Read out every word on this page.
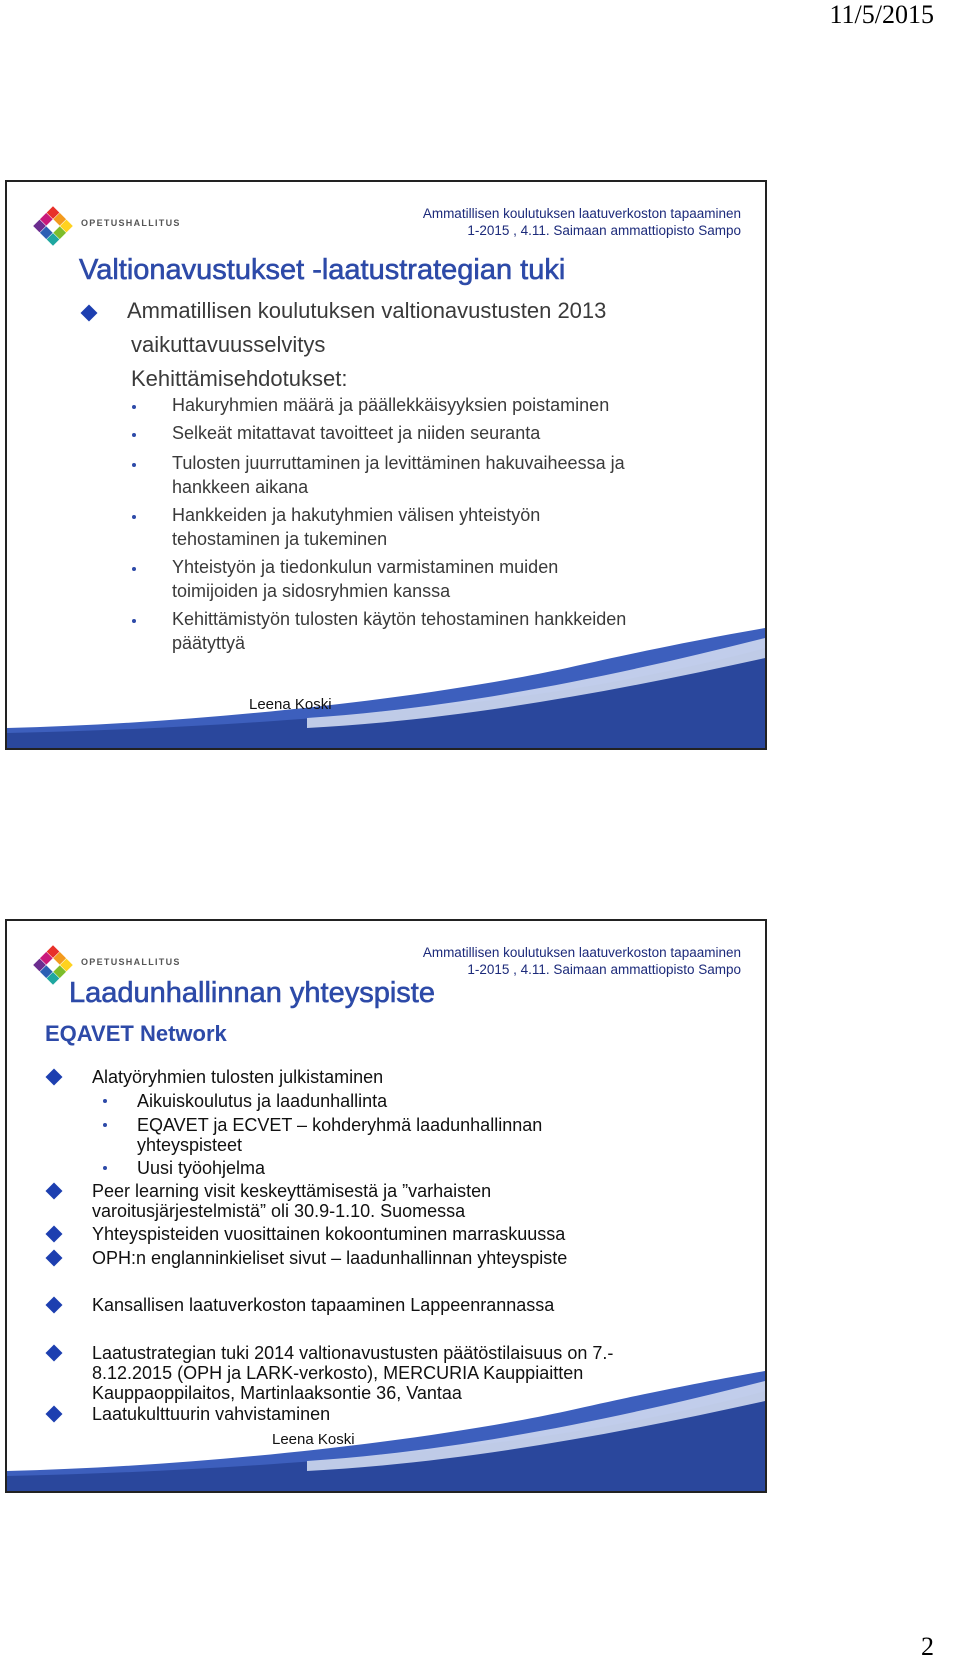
11/5/2015
OPETUSHALLITUS
Ammatillisen koulutuksen laatuverkoston tapaaminen
1-2015 , 4.11. Saimaan ammattiopisto Sampo
Valtionavustukset -laatustrategian tuki
Ammatillisen koulutuksen valtionavustusten 2013
vaikuttavuusselvitys
Kehittämisehdotukset:
Hakuryhmien määrä ja päällekkäisyyksien poistaminen
Selkeät mitattavat tavoitteet ja niiden seuranta
Tulosten juurruttaminen ja levittäminen hakuvaiheessa ja
hankkeen aikana
Hankkeiden ja hakutyhmien välisen yhteistyön
tehostaminen ja tukeminen
Yhteistyön ja tiedonkulun varmistaminen muiden
toimijoiden ja sidosryhmien kanssa
Kehittämistyön tulosten käytön tehostaminen hankkeiden
päätyttyä
Osaamisen ja sivistyksen parhaaksi Leena Koski
OPETUSHALLITUS
Ammatillisen koulutuksen laatuverkoston tapaaminen
1-2015 , 4.11. Saimaan ammattiopisto Sampo
Laadunhallinnan yhteyspiste
EQAVET Network
Alatyöryhmien tulosten julkistaminen
Aikuiskoulutus ja laadunhallinta
EQAVET ja ECVET – kohderyhmä laadunhallinnan
yhteyspisteet
Uusi työohjelma
Peer learning visit keskeyttämisestä ja ”varhaisten
varoitusjärjestelmistä” oli 30.9-1.10. Suomessa
Yhteyspisteiden vuosittainen kokoontuminen marraskuussa
OPH:n englanninkieliset sivut – laadunhallinnan yhteyspiste
Kansallisen laatuverkoston tapaaminen Lappeenrannassa
Laatustrategian tuki 2014 valtionavustusten päätöstilaisuus on 7.-
8.12.2015 (OPH ja LARK-verkosto), MERCURIA Kauppiaitten
Kauppaoppilaitos, Martinlaaksontie 36, Vantaa
Laatukulttuurin vahvistaminen
Osaamisen ja sivistyksen parhaaksi Leena Koski
2
